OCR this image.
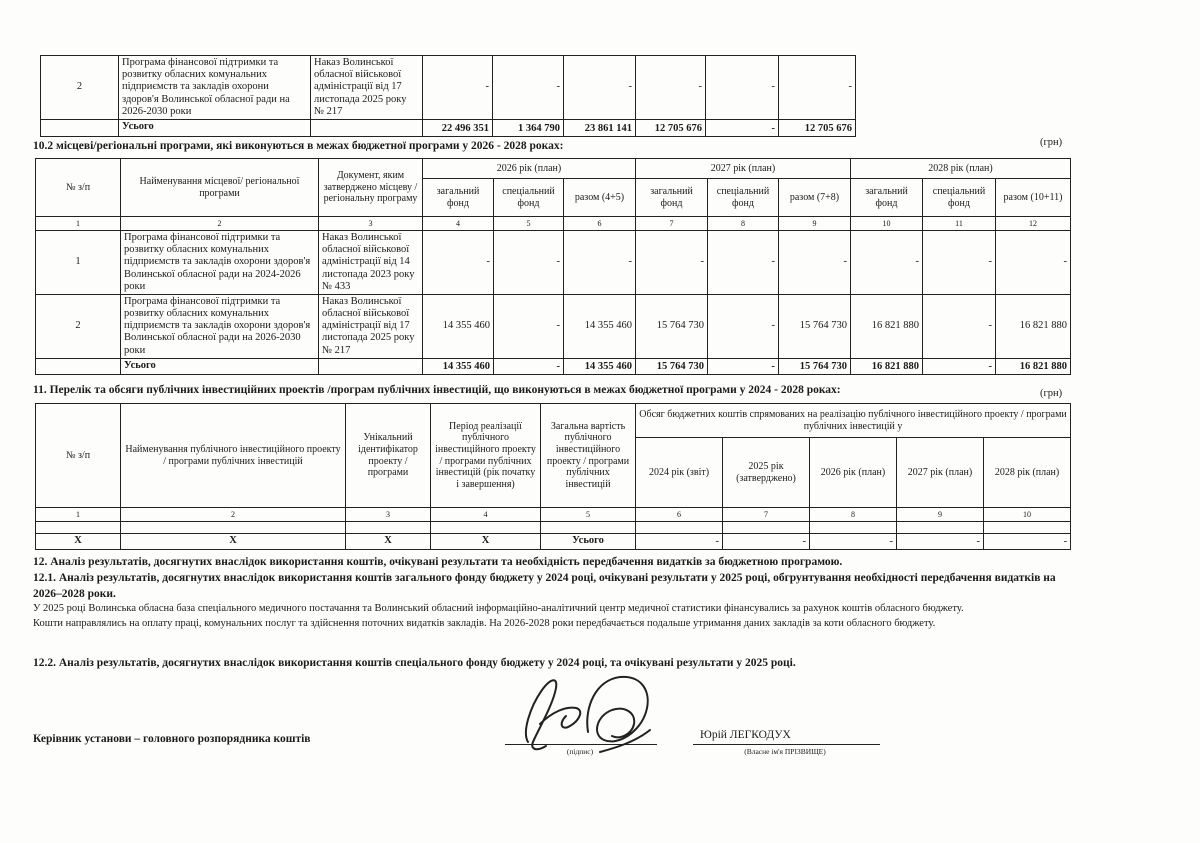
2	Програма фінансової підтримки та розвитку обласних комунальних підприємств та закладів охорони здоров'я Волинської обласної ради на 2026-2030 роки	Наказ Волинської обласної військової адміністрації від 17 листопада 2025 року № 217	-	-	-	-	-	-
	Усього		22 496 351	1 364 790	23 861 141	12 705 676	-	12 705 676
10.2 місцеві/регіональні програми, які виконуються в межах бюджетної програми у 2026 - 2028 роках:	(грн)
№ з/п	Найменування місцевої/ регіональної програми	Документ, яким затверджено місцеву / регіональну програму	2026 рік (план)			2027 рік (план)			2028 рік (план)		
			загальний фонд	спеціальний фонд	разом (4+5)	загальний фонд	спеціальний фонд	разом (7+8)	загальний фонд	спеціальний фонд	разом (10+11)
1	2	3	4	5	6	7	8	9	10	11	12
1	Програма фінансової підтримки та розвитку обласних комунальних підприємств та закладів охорони здоров'я Волинської обласної ради на 2024-2026 роки	Наказ Волинської обласної військової адміністрації від 14 листопада 2023 року № 433	-	-	-	-	-	-	-	-	-
2	Програма фінансової підтримки та розвитку обласних комунальних підприємств та закладів охорони здоров'я Волинської обласної ради на 2026-2030 роки	Наказ Волинської обласної військової адміністрації від 17 листопада 2025 року № 217	14 355 460	-	14 355 460	15 764 730	-	15 764 730	16 821 880	-	16 821 880
	Усього		14 355 460	-	14 355 460	15 764 730	-	15 764 730	16 821 880	-	16 821 880
11. Перелік та обсяги публічних інвестиційних проектів /програм публічних інвестицій, що виконуються в межах бюджетної програми у 2024 - 2028 роках:	(грн)
№ з/п	Найменування публічного інвестиційного проекту / програми публічних інвестицій	Унікальний ідентифікатор проекту / програми	Період реалізації публічного інвестиційного проекту / програми публічних інвестицій (рік початку і завершення)	Загальна вартість публічного інвестиційного проекту / програми публічних інвестицій	Обсяг бюджетних коштів спрямованих на реалізацію публічного інвестиційного проекту / програми публічних інвестицій у				
					2024 рік (звіт)	2025 рік (затверджено)	2026 рік (план)	2027 рік (план)	2028 рік (план)
1	2	3	4	5	6	7	8	9	10

X	X	X	X	Усього	-	-	-	-	-
12. Аналіз результатів, досягнутих внаслідок використання коштів, очікувані результати та необхідність передбачення видатків за бюджетною програмою.
12.1. Аналіз результатів, досягнутих внаслідок використання коштів загального фонду бюджету у 2024 році, очікувані результати у 2025 році, обгрунтування необхідності передбачення видатків на
2026–2028 роки.
У 2025 році Волинська обласна база спеціального медичного постачання та Волинський обласний інформаційно-аналітичний центр медичної статистики фінансувались за рахунок коштів обласного бюджету.
Кошти направлялись на оплату праці, комунальних послуг та здійснення поточних видатків закладів. На 2026-2028 роки передбачається подальше утримання даних закладів за коти обласного бюджету.
12.2. Аналіз результатів, досягнутих внаслідок використання коштів спеціального фонду бюджету у 2024 році, та очікувані результати у 2025 році.
Керівник установи – головного розпорядника коштів
(підпис)
Юрій ЛЕГКОДУХ
(Власне ім'я ПРІЗВИЩЕ)
